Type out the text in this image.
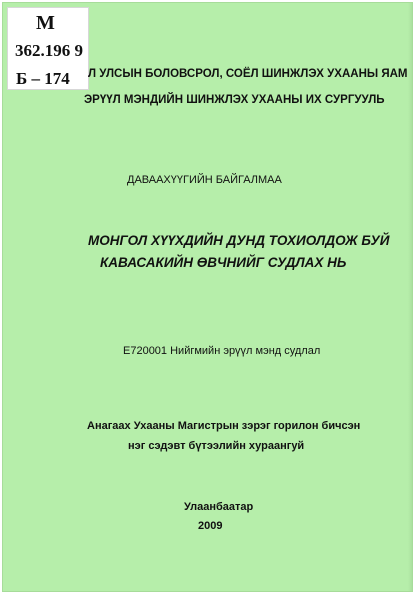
М
362.196 9
Б – 174 Л УЛСЫН БОЛОВСРОЛ, СОЁЛ ШИНЖЛЭХ УХААНЫ ЯАМ
ЭРҮҮЛ МЭНДИЙН ШИНЖЛЭХ УХААНЫ ИХ СУРГУУЛЬ
ДАВААХҮҮГИЙН БАЙГАЛМАА
МОНГОЛ ХҮҮХДИЙН ДУНД ТОХИОЛДОЖ БУЙ
КАВАСАКИЙН ӨВЧНИЙГ СУДЛАХ НЬ
Е720001 Нийгмийн эрүүл мэнд судлал
Анагаах Ухааны Магистрын зэрэг горилон бичсэн
нэг сэдэвт бүтээлийн хураангуй
Улаанбаатар
2009
